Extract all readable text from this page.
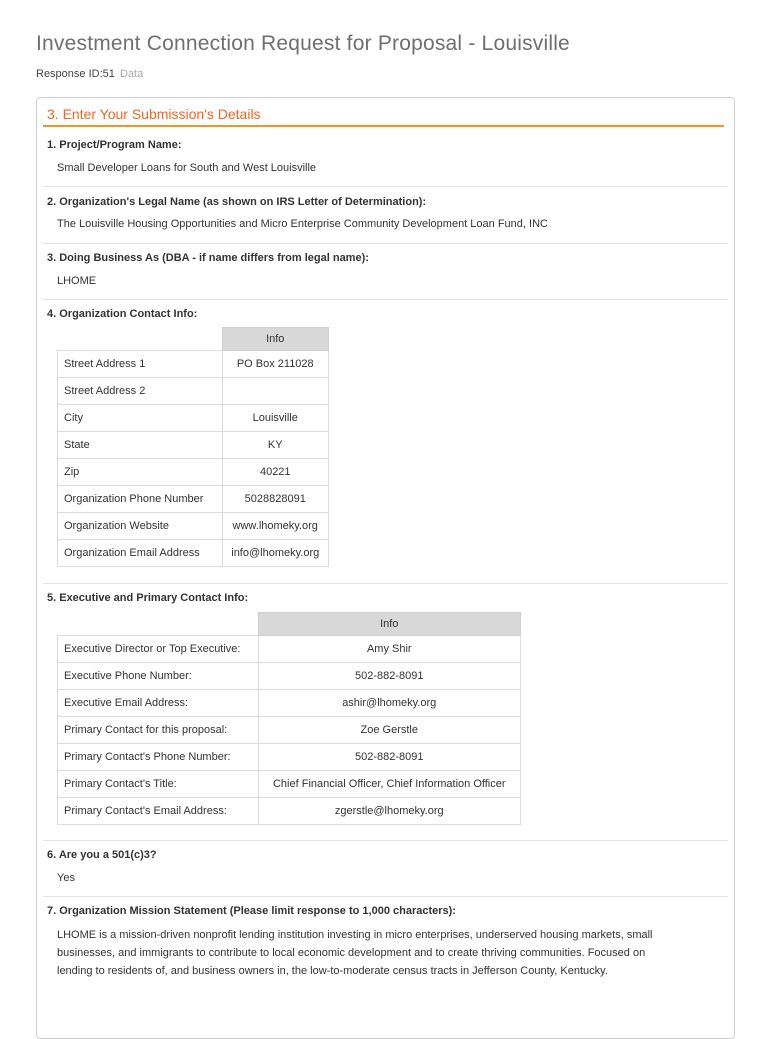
Investment Connection Request for Proposal - Louisville
Response ID:51 Data
3. Enter Your Submission's Details
1. Project/Program Name:
Small Developer Loans for South and West Louisville
2. Organization's Legal Name (as shown on IRS Letter of Determination):
The Louisville Housing Opportunities and Micro Enterprise Community Development Loan Fund, INC
3. Doing Business As (DBA - if name differs from legal name):
LHOME
4. Organization Contact Info:
	Info
Street Address 1	PO Box 211028
Street Address 2	
City	Louisville
State	KY
Zip	40221
Organization Phone Number	5028828091
Organization Website	www.lhomeky.org
Organization Email Address	info@lhomeky.org
5. Executive and Primary Contact Info:
	Info
Executive Director or Top Executive:	Amy Shir
Executive Phone Number:	502-882-8091
Executive Email Address:	ashir@lhomeky.org
Primary Contact for this proposal:	Zoe Gerstle
Primary Contact's Phone Number:	502-882-8091
Primary Contact's Title:	Chief Financial Officer, Chief Information Officer
Primary Contact's Email Address:	zgerstle@lhomeky.org
6. Are you a 501(c)3?
Yes
7. Organization Mission Statement (Please limit response to 1,000 characters):
LHOME is a mission-driven nonprofit lending institution investing in micro enterprises, underserved housing markets, small
businesses, and immigrants to contribute to local economic development and to create thriving communities. Focused on
lending to residents of, and business owners in, the low-to-moderate census tracts in Jefferson County, Kentucky.
